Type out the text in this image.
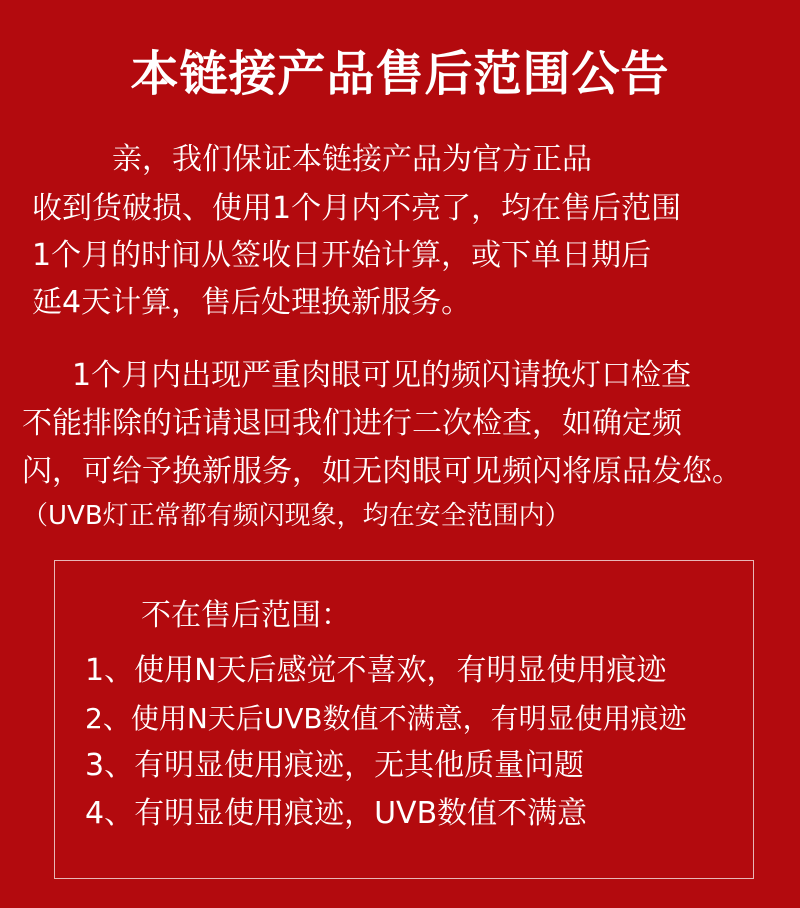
本链接产品售后范围公告
亲，我们保证本链接产品为官方正品
收到货破损、使用1个月内不亮了，均在售后范围
1个月的时间从签收日开始计算，或下单日期后
延4天计算，售后处理换新服务。
1个月内出现严重肉眼可见的频闪请换灯口检查
不能排除的话请退回我们进行二次检查，如确定频
闪，可给予换新服务，如无肉眼可见频闪将原品发您。
（UVB灯正常都有频闪现象，均在安全范围内）
不在售后范围：
1、使用N天后感觉不喜欢，有明显使用痕迹
2、使用N天后UVB数值不满意，有明显使用痕迹
3、有明显使用痕迹，无其他质量问题
4、有明显使用痕迹，UVB数值不满意
